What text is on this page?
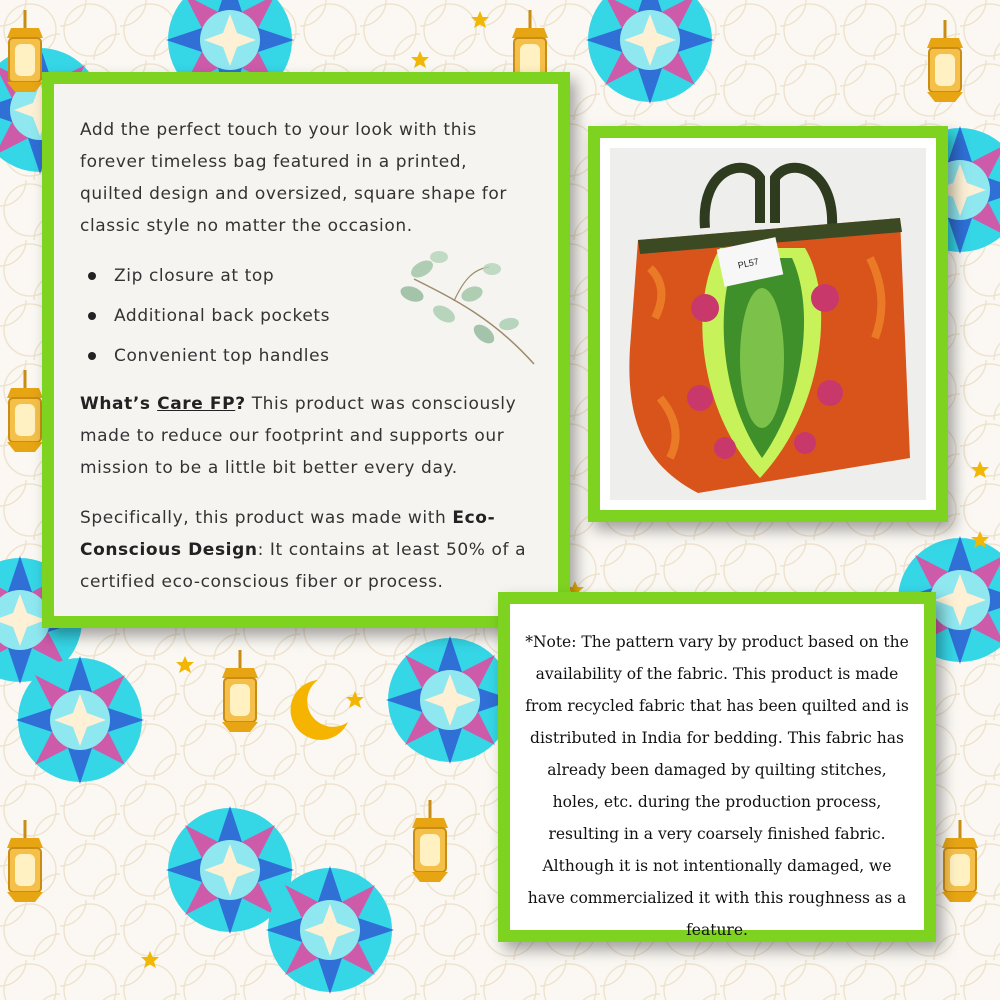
Add the perfect touch to your look with this forever timeless bag featured in a printed, quilted design and oversized, square shape for classic style no matter the occasion.

Zip closure at top
Additional back pockets
Convenient top handles

What’s Care FP? This product was consciously made to reduce our footprint and supports our mission to be a little bit better every day.

Specifically, this product was made with Eco-Conscious Design: It contains at least 50% of a certified eco-conscious fiber or process.

PL57

*Note: The pattern vary by product based on the availability of the fabric. This product is made from recycled fabric that has been quilted and is distributed in India for bedding. This fabric has already been damaged by quilting stitches, holes, etc. during the production process, resulting in a very coarsely finished fabric. Although it is not intentionally damaged, we have commercialized it with this roughness as a feature.
